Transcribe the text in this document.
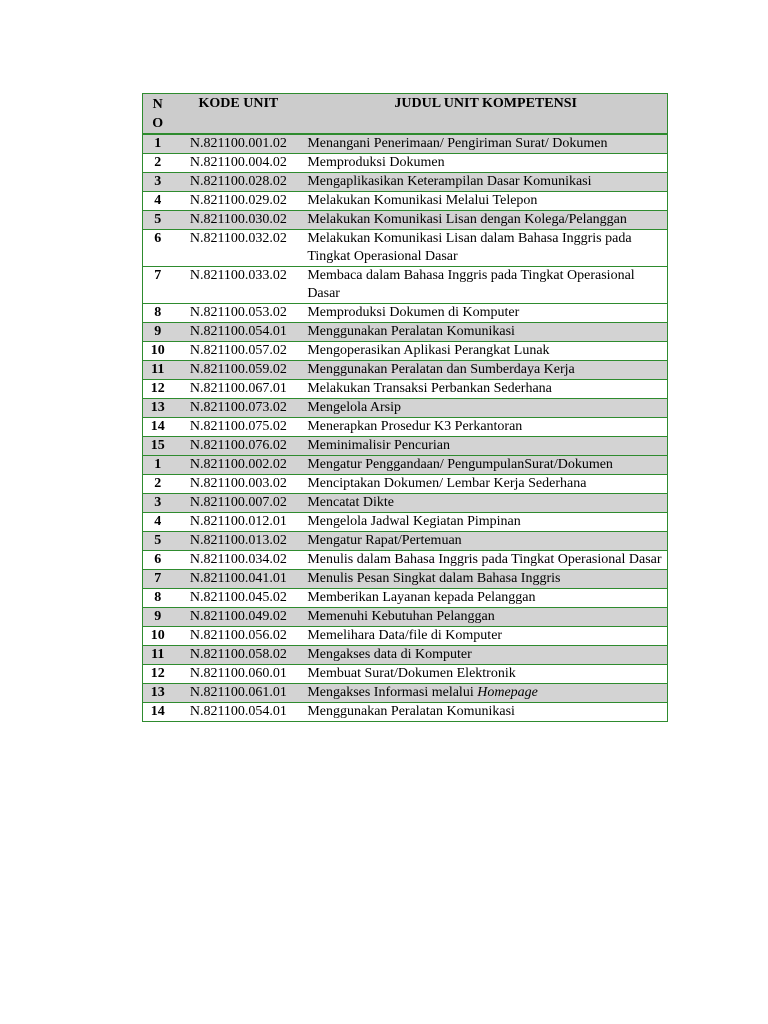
N
O	KODE UNIT	JUDUL UNIT KOMPETENSI
1	N.821100.001.02	Menangani Penerimaan/ Pengiriman Surat/ Dokumen
2	N.821100.004.02	Memproduksi Dokumen
3	N.821100.028.02	Mengaplikasikan Keterampilan Dasar Komunikasi
4	N.821100.029.02	Melakukan Komunikasi Melalui Telepon
5	N.821100.030.02	Melakukan Komunikasi Lisan dengan Kolega/Pelanggan
6	N.821100.032.02	Melakukan Komunikasi Lisan dalam Bahasa Inggris pada Tingkat Operasional Dasar
7	N.821100.033.02	Membaca dalam Bahasa Inggris pada Tingkat Operasional Dasar
8	N.821100.053.02	Memproduksi Dokumen di Komputer
9	N.821100.054.01	Menggunakan Peralatan Komunikasi
10	N.821100.057.02	Mengoperasikan Aplikasi Perangkat Lunak
11	N.821100.059.02	Menggunakan Peralatan dan Sumberdaya Kerja
12	N.821100.067.01	Melakukan Transaksi Perbankan Sederhana
13	N.821100.073.02	Mengelola Arsip
14	N.821100.075.02	Menerapkan Prosedur K3 Perkantoran
15	N.821100.076.02	Meminimalisir Pencurian
1	N.821100.002.02	Mengatur Penggandaan/ PengumpulanSurat/Dokumen
2	N.821100.003.02	Menciptakan Dokumen/ Lembar Kerja Sederhana
3	N.821100.007.02	Mencatat Dikte
4	N.821100.012.01	Mengelola Jadwal Kegiatan Pimpinan
5	N.821100.013.02	Mengatur Rapat/Pertemuan
6	N.821100.034.02	Menulis dalam Bahasa Inggris pada Tingkat Operasional Dasar
7	N.821100.041.01	Menulis Pesan Singkat dalam Bahasa Inggris
8	N.821100.045.02	Memberikan Layanan kepada Pelanggan
9	N.821100.049.02	Memenuhi Kebutuhan Pelanggan
10	N.821100.056.02	Memelihara Data/file di Komputer
11	N.821100.058.02	Mengakses data di Komputer
12	N.821100.060.01	Membuat Surat/Dokumen Elektronik
13	N.821100.061.01	Mengakses Informasi melalui Homepage
14	N.821100.054.01	Menggunakan Peralatan Komunikasi
